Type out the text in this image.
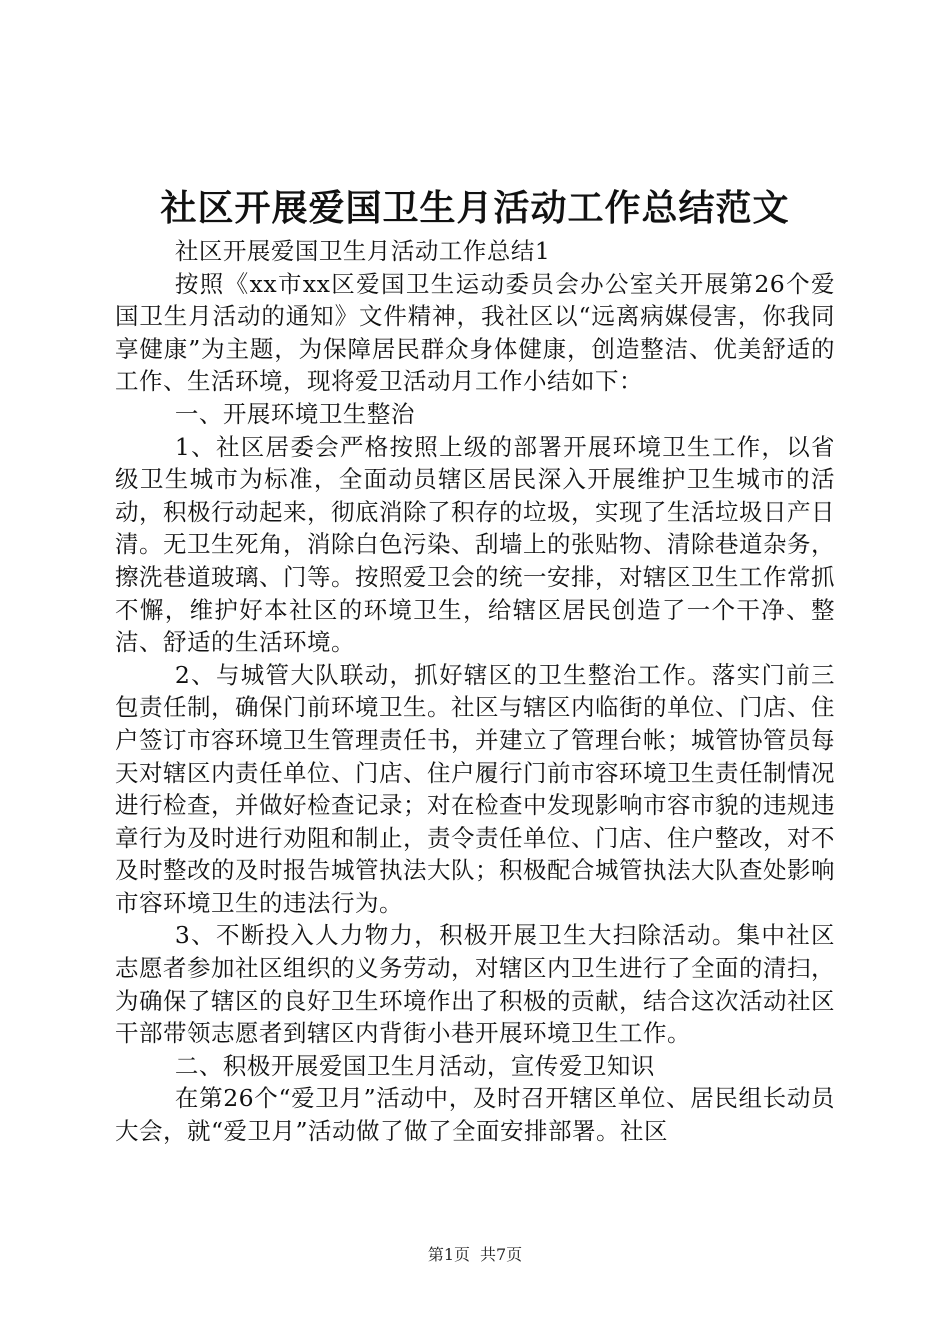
社区开展爱国卫生月活动工作总结范文

社区开展爱国卫生月活动工作总结1

按照《xx市xx区爱国卫生运动委员会办公室关开展第26个爱国卫生月活动的通知》文件精神，我社区以“远离病媒侵害，你我同享健康”为主题，为保障居民群众身体健康，创造整洁、优美舒适的工作、生活环境，现将爱卫活动月工作小结如下：

一、开展环境卫生整治

1、社区居委会严格按照上级的部署开展环境卫生工作，以省级卫生城市为标准，全面动员辖区居民深入开展维护卫生城市的活动，积极行动起来，彻底消除了积存的垃圾，实现了生活垃圾日产日清。无卫生死角，消除白色污染、刮墙上的张贴物、清除巷道杂务，擦洗巷道玻璃、门等。按照爱卫会的统一安排，对辖区卫生工作常抓不懈，维护好本社区的环境卫生，给辖区居民创造了一个干净、整洁、舒适的生活环境。

2、与城管大队联动，抓好辖区的卫生整治工作。落实门前三包责任制，确保门前环境卫生。社区与辖区内临街的单位、门店、住户签订市容环境卫生管理责任书，并建立了管理台帐；城管协管员每天对辖区内责任单位、门店、住户履行门前市容环境卫生责任制情况进行检查，并做好检查记录；对在检查中发现影响市容市貌的违规违章行为及时进行劝阻和制止，责令责任单位、门店、住户整改，对不及时整改的及时报告城管执法大队；积极配合城管执法大队查处影响市容环境卫生的违法行为。

3、不断投入人力物力，积极开展卫生大扫除活动。集中社区志愿者参加社区组织的义务劳动，对辖区内卫生进行了全面的清扫，为确保了辖区的良好卫生环境作出了积极的贡献，结合这次活动社区干部带领志愿者到辖区内背街小巷开展环境卫生工作。

二、积极开展爱国卫生月活动，宣传爱卫知识

在第26个“爱卫月”活动中，及时召开辖区单位、居民组长动员大会，就“爱卫月”活动做了做了全面安排部署。社区

第1页 共7页
